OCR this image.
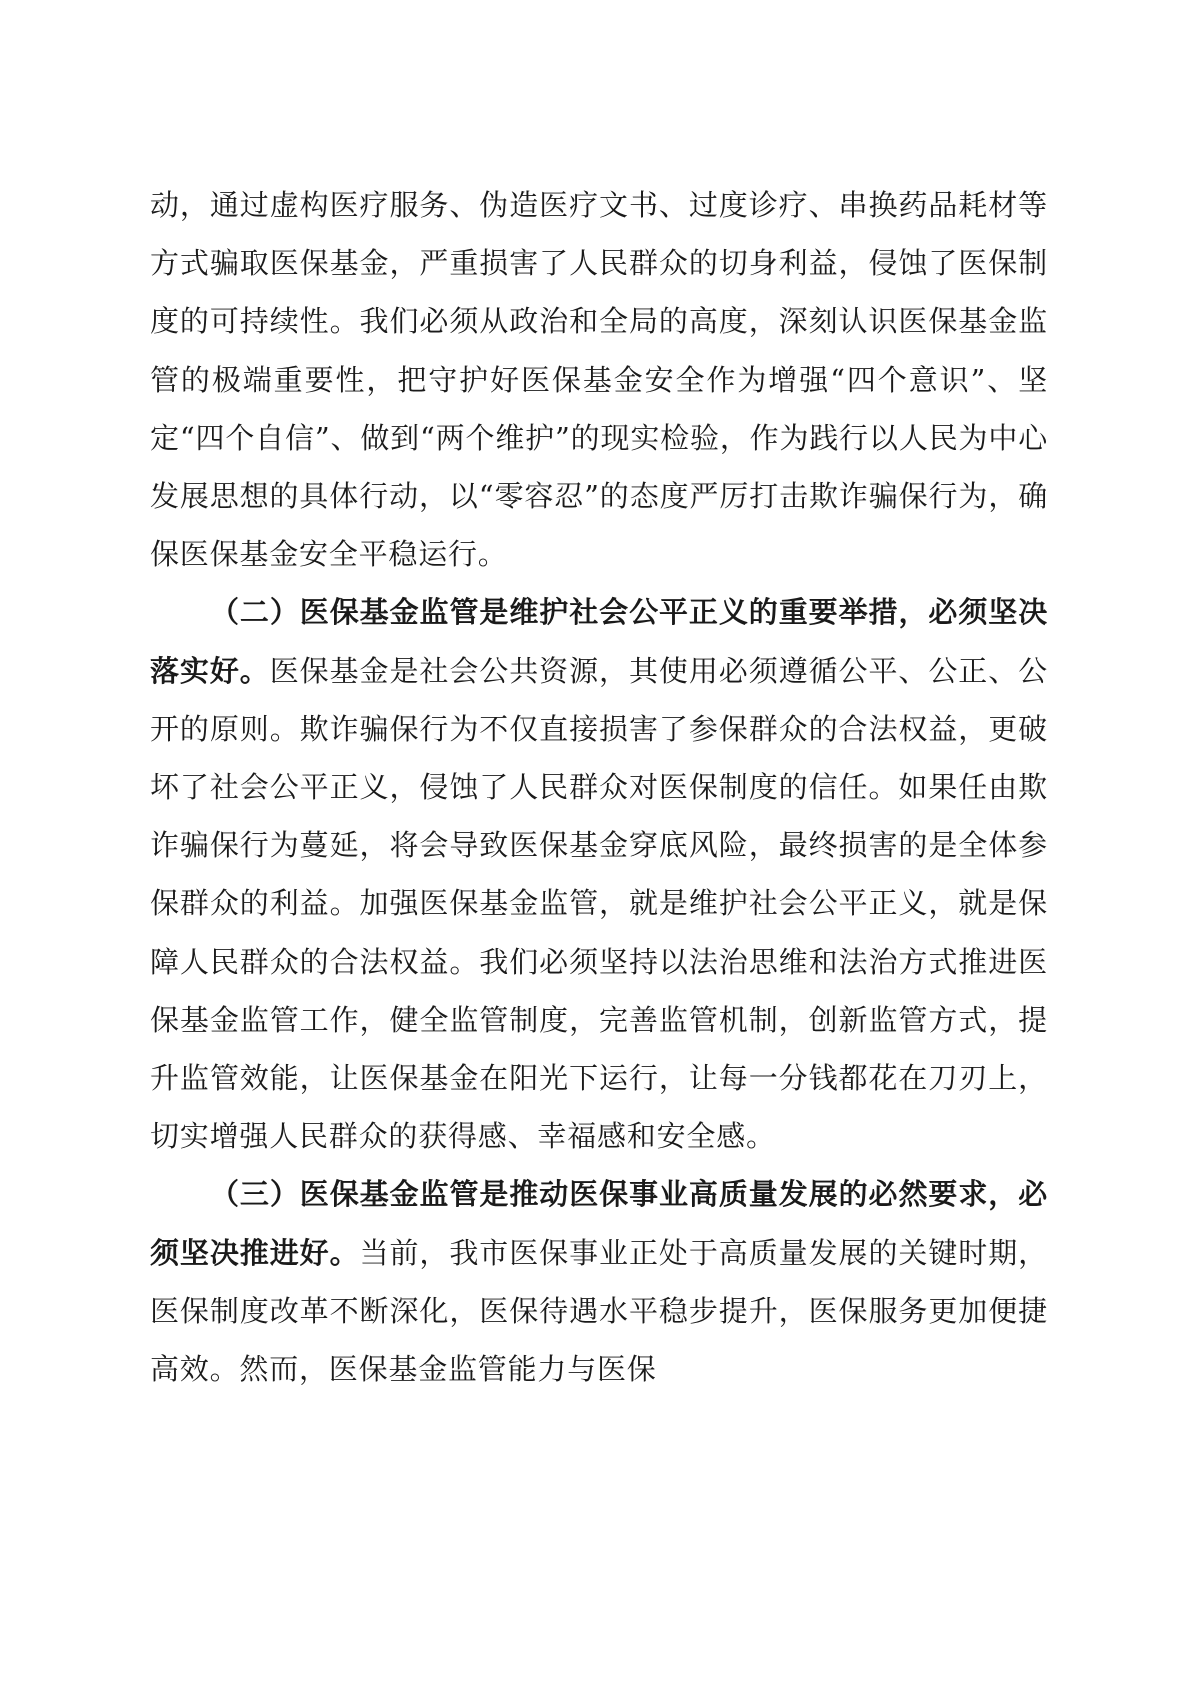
动，通过虚构医疗服务、伪造医疗文书、过度诊疗、串换药品耗材等方式骗取医保基金，严重损害了人民群众的切身利益，侵蚀了医保制度的可持续性。我们必须从政治和全局的高度，深刻认识医保基金监管的极端重要性，把守护好医保基金安全作为增强“四个意识”、坚定“四个自信”、做到“两个维护”的现实检验，作为践行以人民为中心发展思想的具体行动，以“零容忍”的态度严厉打击欺诈骗保行为，确保医保基金安全平稳运行。

（二）医保基金监管是维护社会公平正义的重要举措，必须坚决落实好。医保基金是社会公共资源，其使用必须遵循公平、公正、公开的原则。欺诈骗保行为不仅直接损害了参保群众的合法权益，更破坏了社会公平正义，侵蚀了人民群众对医保制度的信任。如果任由欺诈骗保行为蔓延，将会导致医保基金穿底风险，最终损害的是全体参保群众的利益。加强医保基金监管，就是维护社会公平正义，就是保障人民群众的合法权益。我们必须坚持以法治思维和法治方式推进医保基金监管工作，健全监管制度，完善监管机制，创新监管方式，提升监管效能，让医保基金在阳光下运行，让每一分钱都花在刀刃上，切实增强人民群众的获得感、幸福感和安全感。

（三）医保基金监管是推动医保事业高质量发展的必然要求，必须坚决推进好。当前，我市医保事业正处于高质量发展的关键时期，医保制度改革不断深化，医保待遇水平稳步提升，医保服务更加便捷高效。然而，医保基金监管能力与医保
